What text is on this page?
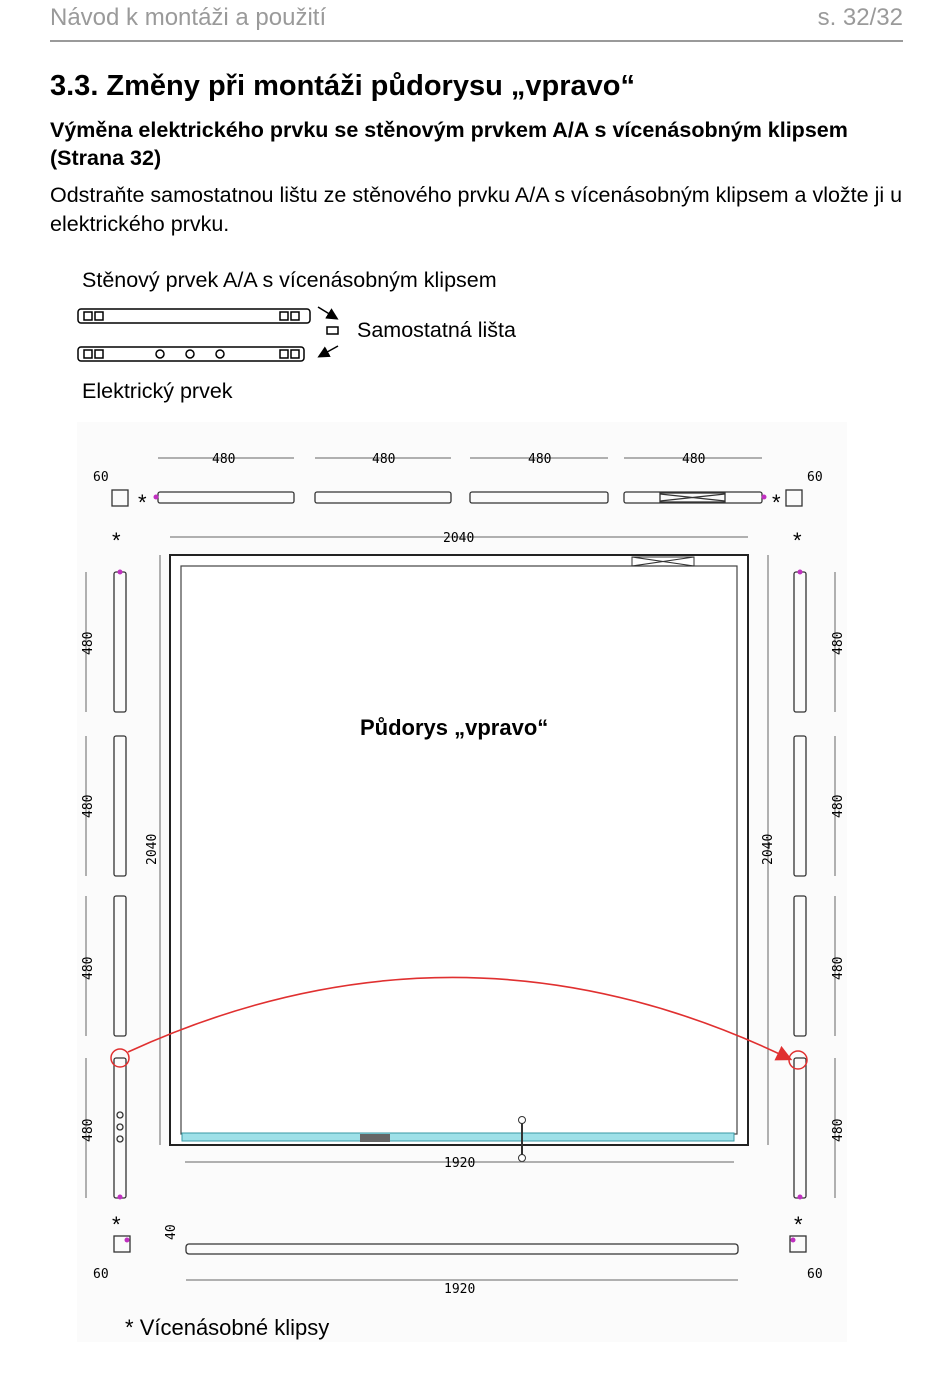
Návod k montáži a použití	s. 32/32
3.3. Změny při montáži půdorysu „vpravo“
Výměna elektrického prvku se stěnovým prvkem A/A s vícenásobným klipsem (Strana 32)
Odstraňte samostatnou lištu ze stěnového prvku A/A s vícenásobným klipsem a vložte ji u elektrického prvku.
Stěnový prvek A/A s vícenásobným klipsem
Samostatná lišta
Elektrický prvek
480	480	480	480
60	60
2040
*	*
*	*
2040	2040
1920
480
480
480
480
480
480
480
480
1920
40
60	60
*	*
Půdorys „vpravo“
* Vícenásobné klipsy
